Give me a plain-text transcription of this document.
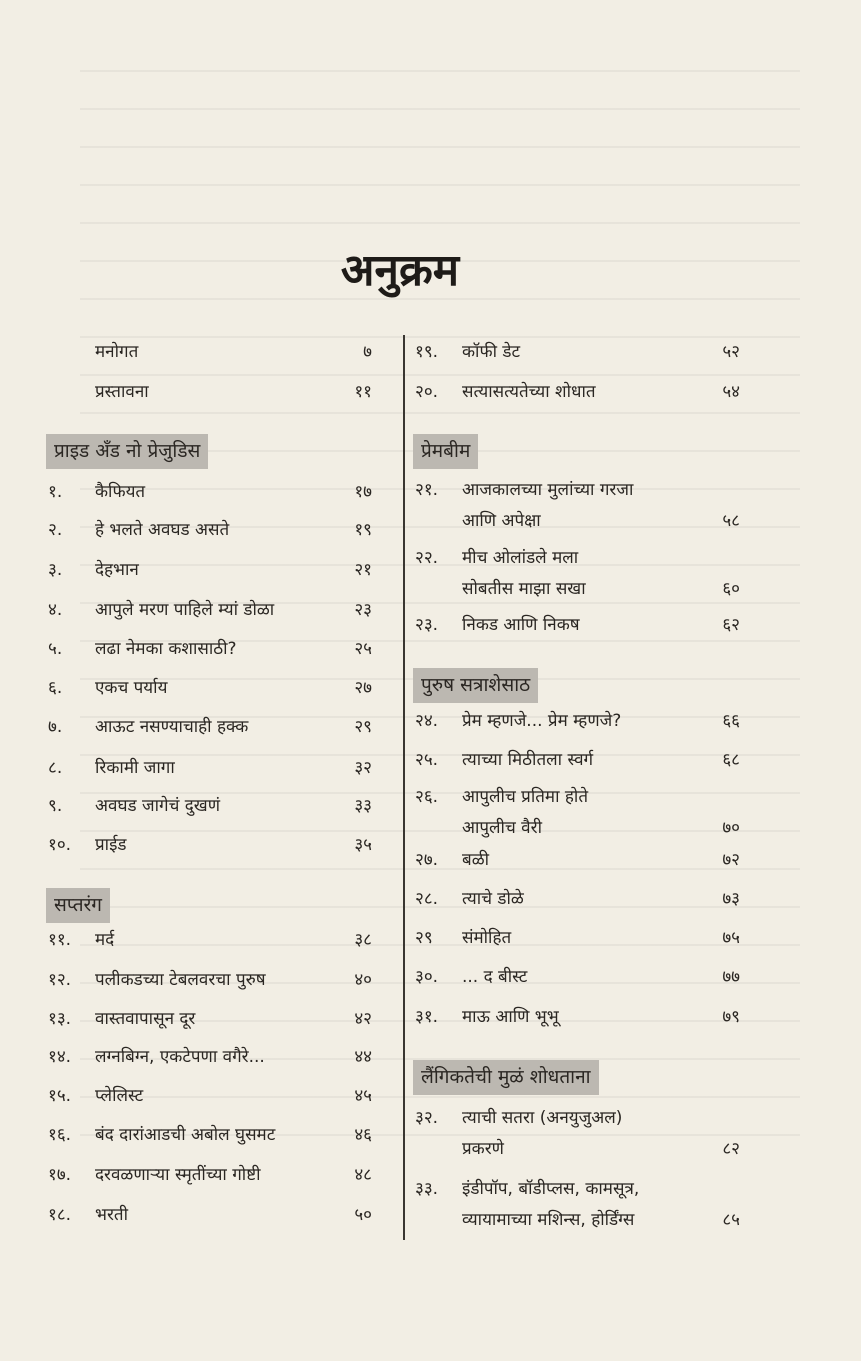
अनुक्रम
मनोगत	७
प्रस्तावना	११
प्राइड अँड नो प्रेजुडिस
१.	कैफियत	१७
२.	हे भलते अवघड असते	१९
३.	देहभान	२१
४.	आपुले मरण पाहिले म्यां डोळा	२३
५.	लढा नेमका कशासाठी?	२५
६.	एकच पर्याय	२७
७.	आऊट नसण्याचाही हक्क	२९
८.	रिकामी जागा	३२
९.	अवघड जागेचं दुखणं	३३
१०.	प्राईड	३५
सप्तरंग
११.	मर्द	३८
१२.	पलीकडच्या टेबलवरचा पुरुष	४०
१३.	वास्तवापासून दूर	४२
१४.	लग्नबिग्न, एकटेपणा वगैरे...	४४
१५.	प्लेलिस्ट	४५
१६.	बंद दारांआडची अबोल घुसमट	४६
१७.	दरवळणाऱ्या स्मृतींच्या गोष्टी	४८
१८.	भरती	५०
१९.	कॉफी डेट	५२
२०.	सत्यासत्यतेच्या शोधात	५४
प्रेमबीम
२१.	आजकालच्या मुलांच्या गरजा
आणि अपेक्षा	५८
२२.	मीच ओलांडले मला
सोबतीस माझा सखा	६०
२३.	निकड आणि निकष	६२
पुरुष सत्राशेसाठ
२४.	प्रेम म्हणजे... प्रेम म्हणजे?	६६
२५.	त्याच्या मिठीतला स्वर्ग	६८
२६.	आपुलीच प्रतिमा होते
आपुलीच वैरी	७०
२७.	बळी	७२
२८.	त्याचे डोळे	७३
२९	संमोहित	७५
३०.	... द बीस्ट	७७
३१.	माऊ आणि भूभू	७९
लैंगिकतेची मुळं शोधताना
३२.	त्याची सतरा (अनयुजुअल)
प्रकरणे	८२
३३.	इंडीपॉप, बॉडीप्लस, कामसूत्र,
व्यायामाच्या मशिन्स, होर्डिंग्स	८५
